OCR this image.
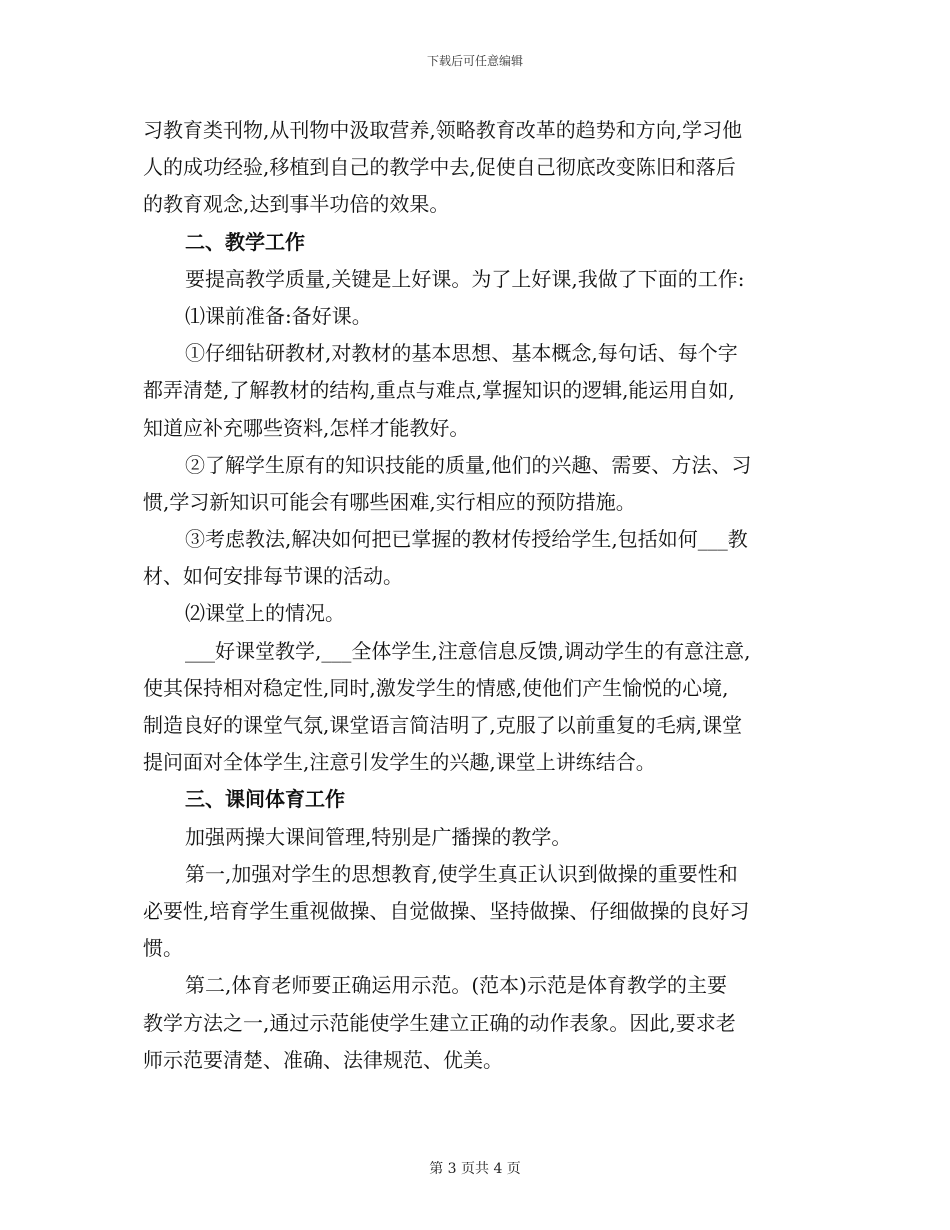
下载后可任意编辑
习教育类刊物,从刊物中汲取营养,领略教育改革的趋势和方向,学习他
人的成功经验,移植到自己的教学中去,促使自己彻底改变陈旧和落后
的教育观念,达到事半功倍的效果。
二、教学工作
要提高教学质量,关键是上好课。为了上好课,我做了下面的工作:
⑴课前准备:备好课。
①仔细钻研教材,对教材的基本思想、基本概念,每句话、每个字
都弄清楚,了解教材的结构,重点与难点,掌握知识的逻辑,能运用自如,
知道应补充哪些资料,怎样才能教好。
②了解学生原有的知识技能的质量,他们的兴趣、需要、方法、习
惯,学习新知识可能会有哪些困难,实行相应的预防措施。
③考虑教法,解决如何把已掌握的教材传授给学生,包括如何___教
材、如何安排每节课的活动。
⑵课堂上的情况。
___好课堂教学,___全体学生,注意信息反馈,调动学生的有意注意,
使其保持相对稳定性,同时,激发学生的情感,使他们产生愉悦的心境,
制造良好的课堂气氛,课堂语言简洁明了,克服了以前重复的毛病,课堂
提问面对全体学生,注意引发学生的兴趣,课堂上讲练结合。
三、课间体育工作
加强两操大课间管理,特别是广播操的教学。
第一,加强对学生的思想教育,使学生真正认识到做操的重要性和
必要性,培育学生重视做操、自觉做操、坚持做操、仔细做操的良好习
惯。
第二,体育老师要正确运用示范。(范本)示范是体育教学的主要
教学方法之一,通过示范能使学生建立正确的动作表象。因此,要求老
师示范要清楚、准确、法律规范、优美。
第 3 页共 4 页
